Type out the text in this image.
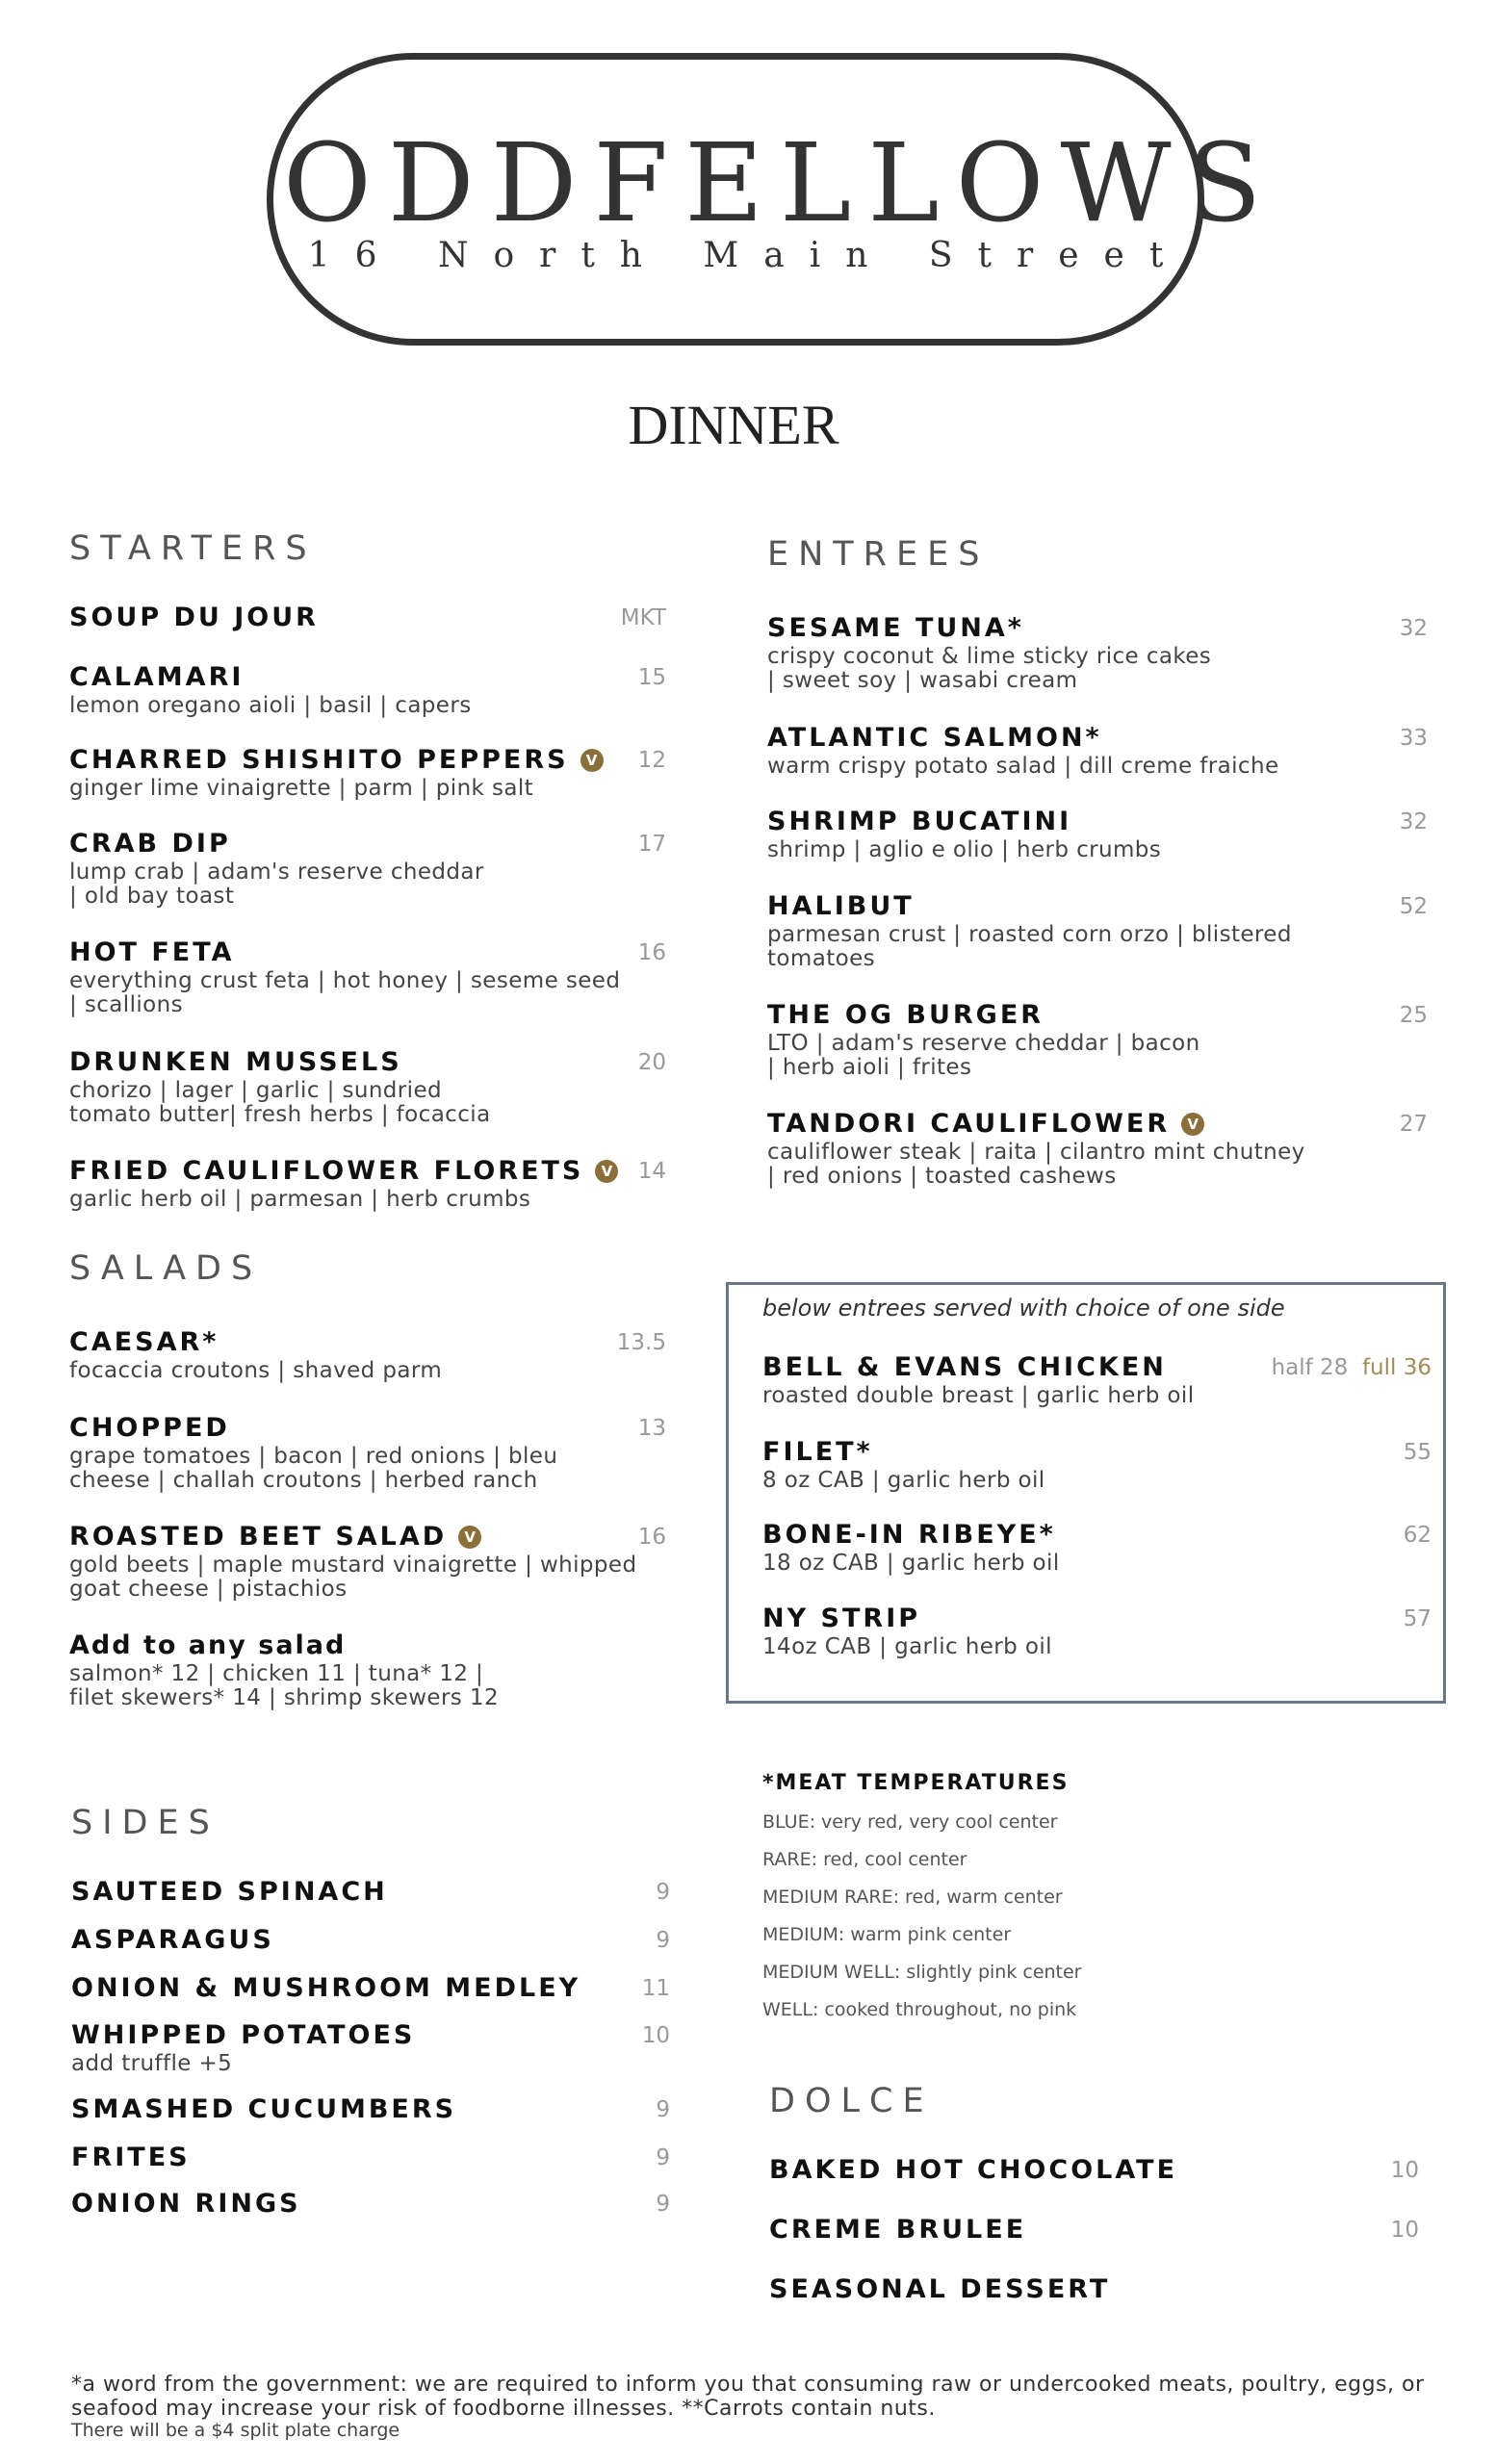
ODDFELLOWS
16 North Main Street
DINNER
STARTERS
SOUP DU JOUR	MKT
CALAMARI	15
lemon oregano aioli | basil | capers
CHARRED SHISHITO PEPPERS V	12
ginger lime vinaigrette | parm | pink salt
CRAB DIP	17
lump crab | adam's reserve cheddar
| old bay toast
HOT FETA	16
everything crust feta | hot honey | seseme seed
| scallions
DRUNKEN MUSSELS	20
chorizo | lager | garlic | sundried
tomato butter| fresh herbs | focaccia
FRIED CAULIFLOWER FLORETS V	14
garlic herb oil | parmesan | herb crumbs
SALADS
CAESAR*	13.5
focaccia croutons | shaved parm
CHOPPED	13
grape tomatoes | bacon | red onions | bleu
cheese | challah croutons | herbed ranch
ROASTED BEET SALAD V	16
gold beets | maple mustard vinaigrette | whipped
goat cheese | pistachios
Add to any salad
salmon* 12 | chicken 11 | tuna* 12 |
filet skewers* 14 | shrimp skewers 12
SIDES
SAUTEED SPINACH	9
ASPARAGUS	9
ONION & MUSHROOM MEDLEY	11
WHIPPED POTATOES	10
add truffle +5
SMASHED CUCUMBERS	9
FRITES	9
ONION RINGS	9
ENTREES
SESAME TUNA*	32
crispy coconut & lime sticky rice cakes
| sweet soy | wasabi cream
ATLANTIC SALMON*	33
warm crispy potato salad | dill creme fraiche
SHRIMP BUCATINI	32
shrimp | aglio e olio | herb crumbs
HALIBUT	52
parmesan crust | roasted corn orzo | blistered
tomatoes
THE OG BURGER	25
LTO | adam's reserve cheddar | bacon
| herb aioli | frites
TANDORI CAULIFLOWER V	27
cauliflower steak | raita | cilantro mint chutney
| red onions | toasted cashews
below entrees served with choice of one side
BELL & EVANS CHICKEN	half 28 full 36
roasted double breast | garlic herb oil
FILET*	55
8 oz CAB | garlic herb oil
BONE-IN RIBEYE*	62
18 oz CAB | garlic herb oil
NY STRIP	57
14oz CAB | garlic herb oil
*MEAT TEMPERATURES
BLUE: very red, very cool center
RARE: red, cool center
MEDIUM RARE: red, warm center
MEDIUM: warm pink center
MEDIUM WELL: slightly pink center
WELL: cooked throughout, no pink
DOLCE
BAKED HOT CHOCOLATE	10
CREME BRULEE	10
SEASONAL DESSERT
*a word from the government: we are required to inform you that consuming raw or undercooked meats, poultry, eggs, or seafood may increase your risk of foodborne illnesses. **Carrots contain nuts.
There will be a $4 split plate charge
